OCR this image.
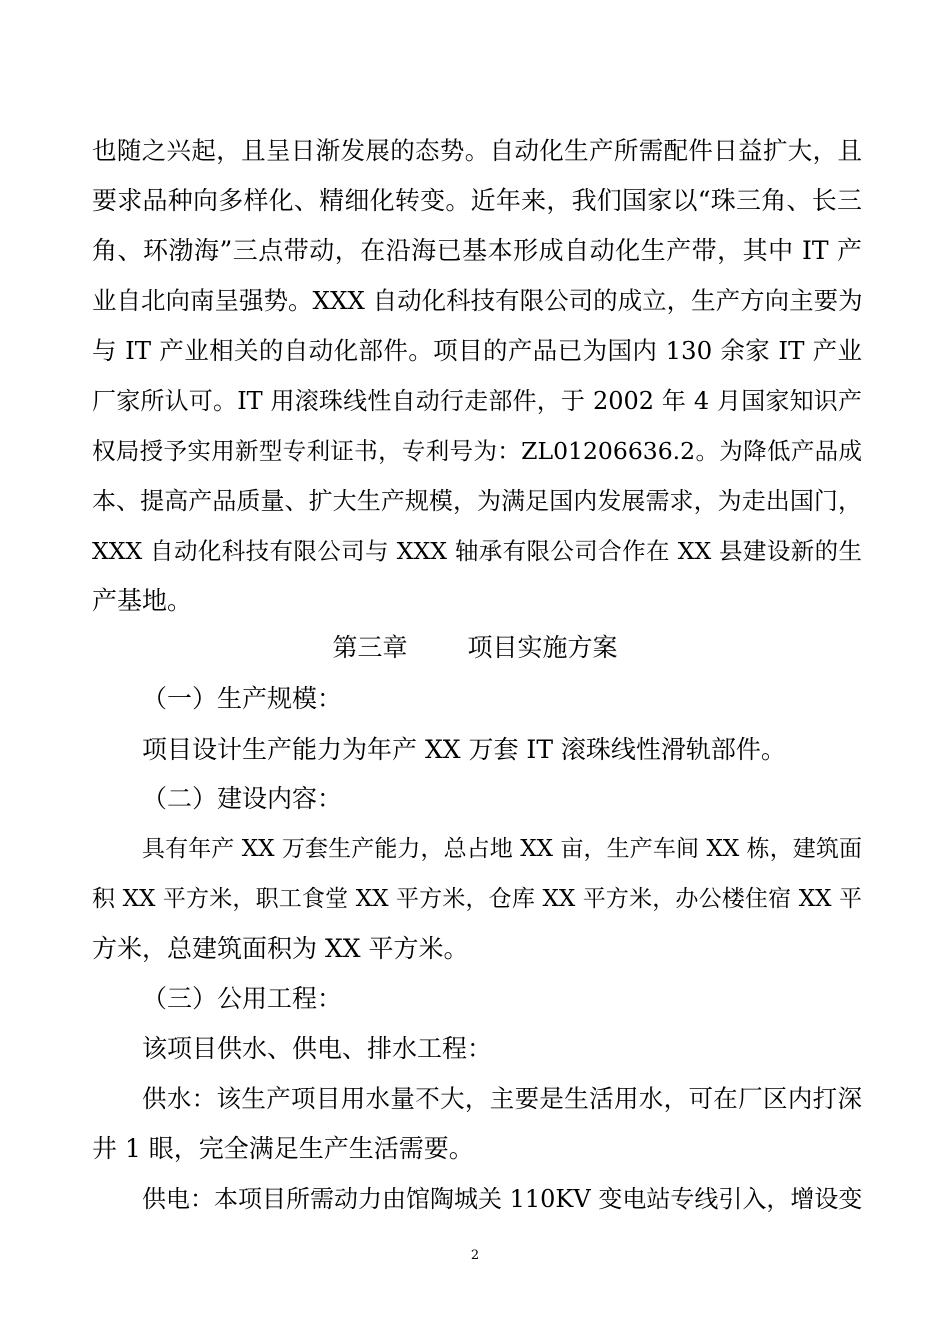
也随之兴起，且呈日渐发展的态势。自动化生产所需配件日益扩大，且
要求品种向多样化、精细化转变。近年来，我们国家以“珠三角、长三
角、环渤海”三点带动，在沿海已基本形成自动化生产带，其中 IT 产
业自北向南呈强势。XXX 自动化科技有限公司的成立，生产方向主要为
与 IT 产业相关的自动化部件。项目的产品已为国内 130 余家 IT 产业
厂家所认可。IT 用滚珠线性自动行走部件，于 2002 年 4 月国家知识产
权局授予实用新型专利证书，专利号为：ZL01206636.2。为降低产品成
本、提高产品质量、扩大生产规模，为满足国内发展需求，为走出国门，
XXX 自动化科技有限公司与 XXX 轴承有限公司合作在 XX 县建设新的生
产基地。
第三章 项目实施方案
（一）生产规模：
项目设计生产能力为年产 XX 万套 IT 滚珠线性滑轨部件。
（二）建设内容：
具有年产 XX 万套生产能力，总占地 XX 亩，生产车间 XX 栋，建筑面
积 XX 平方米，职工食堂 XX 平方米，仓库 XX 平方米，办公楼住宿 XX 平
方米，总建筑面积为 XX 平方米。
（三）公用工程：
该项目供水、供电、排水工程：
供水：该生产项目用水量不大，主要是生活用水，可在厂区内打深
井 1 眼，完全满足生产生活需要。
供电：本项目所需动力由馆陶城关 110KV 变电站专线引入，增设变
2
